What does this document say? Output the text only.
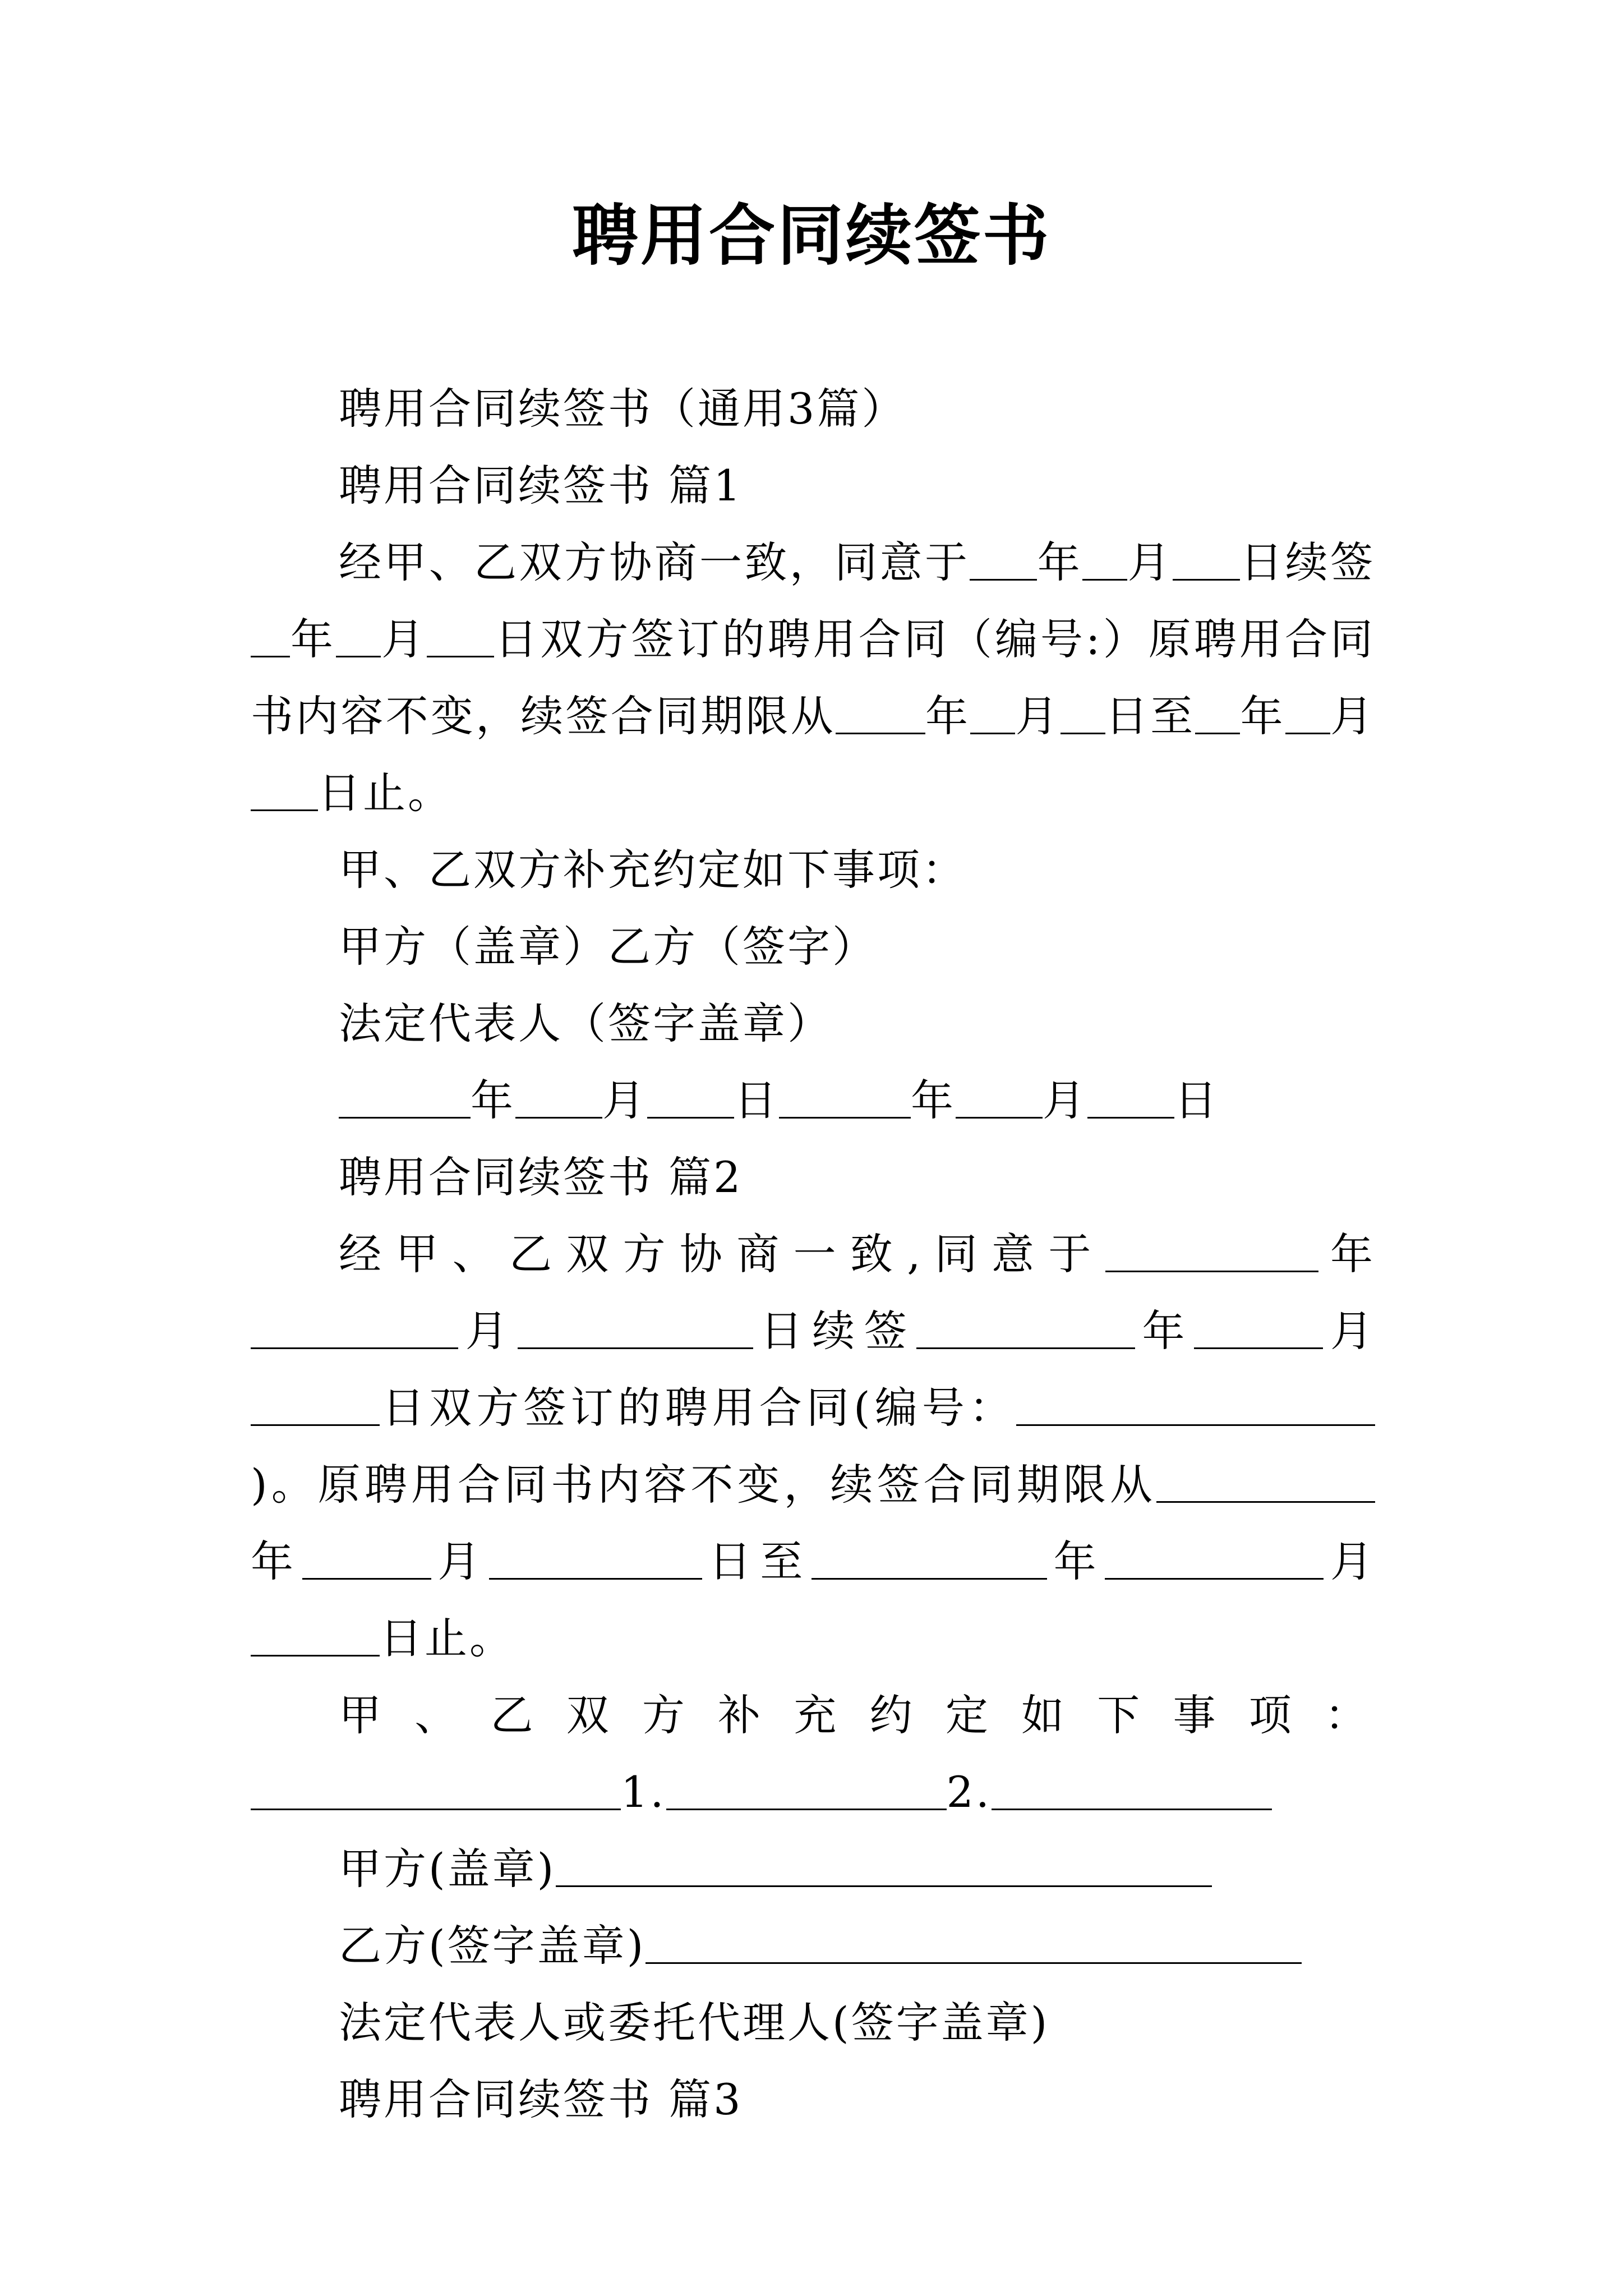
聘用合同续签书

聘用合同续签书（通用3篇）

聘用合同续签书 篇1

经甲、乙双方协商一致，同意于 年 月 日续签年 月 日双方签订的聘用合同（编号:）原聘用合同书内容不变，续签合同期限从 年 月 日至 年 月日止。

甲、乙双方补充约定如下事项：

甲方（盖章）乙方（签字）

法定代表人（签字盖章）

年 月 日	年 月 日

聘用合同续签书 篇2

经甲、乙双方协商一致,同意于	年月	日续签	年	月日双方签订的聘用合同(编号：)。原聘用合同书内容不变，续签合同期限从年	月	日至	年	月日止。

甲、乙双方补充约定如下事项：

1.	2.

甲方(盖章)

乙方(签字盖章)

法定代表人或委托代理人(签字盖章)

聘用合同续签书 篇3
